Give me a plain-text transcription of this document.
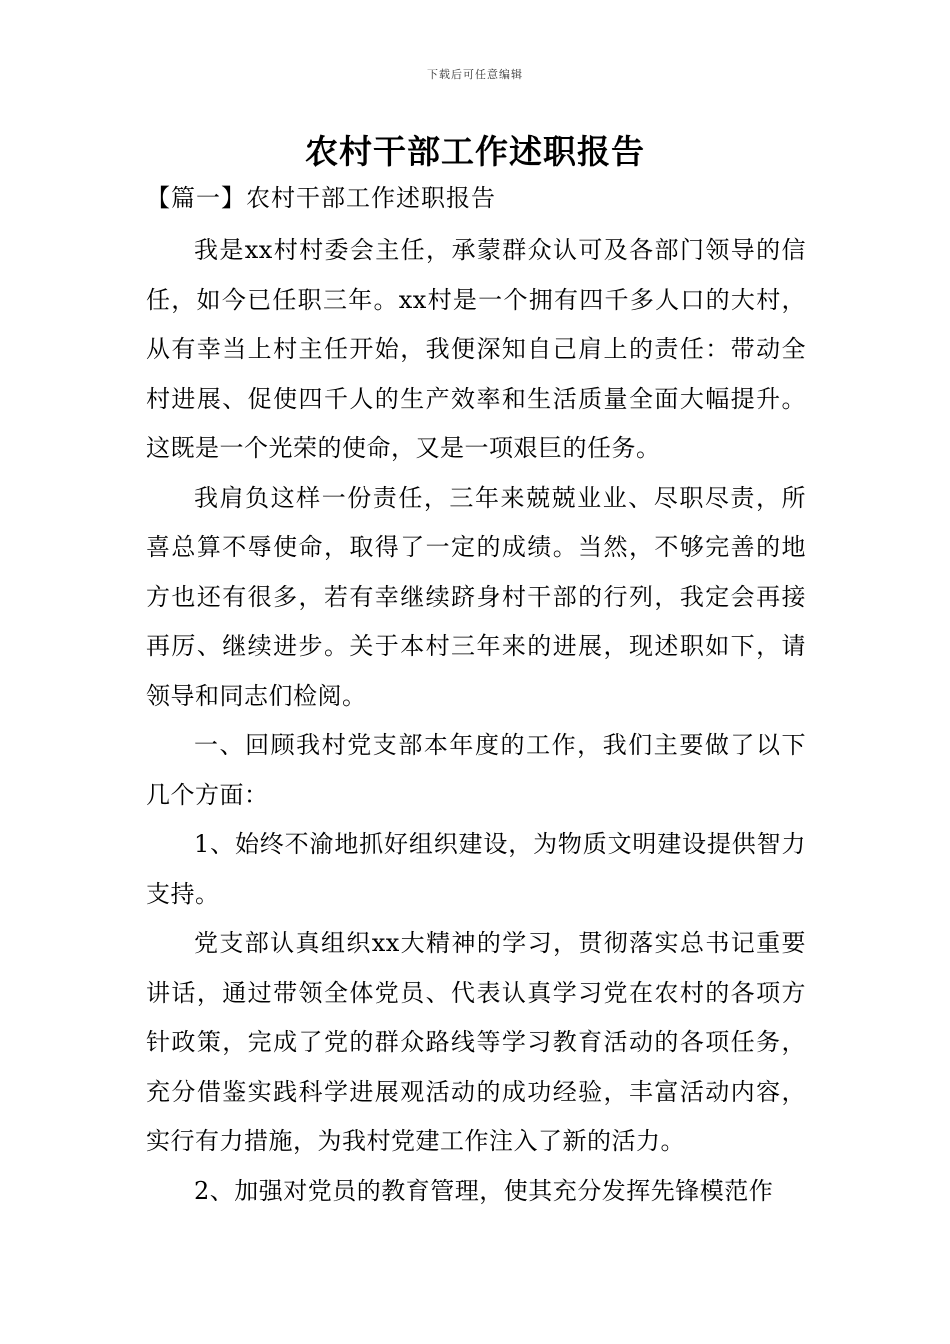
下载后可任意编辑
农村干部工作述职报告
【篇一】农村干部工作述职报告

我是xx村村委会主任，承蒙群众认可及各部门领导的信任，如今已任职三年。xx村是一个拥有四千多人口的大村，从有幸当上村主任开始，我便深知自己肩上的责任：带动全村进展、促使四千人的生产效率和生活质量全面大幅提升。这既是一个光荣的使命，又是一项艰巨的任务。

我肩负这样一份责任，三年来兢兢业业、尽职尽责，所喜总算不辱使命，取得了一定的成绩。当然，不够完善的地方也还有很多，若有幸继续跻身村干部的行列，我定会再接再厉、继续进步。关于本村三年来的进展，现述职如下，请领导和同志们检阅。

一、回顾我村党支部本年度的工作，我们主要做了以下几个方面：

1、始终不渝地抓好组织建设，为物质文明建设提供智力支持。

党支部认真组织xx大精神的学习，贯彻落实总书记重要讲话，通过带领全体党员、代表认真学习党在农村的各项方针政策，完成了党的群众路线等学习教育活动的各项任务，充分借鉴实践科学进展观活动的成功经验，丰富活动内容，实行有力措施，为我村党建工作注入了新的活力。

2、加强对党员的教育管理，使其充分发挥先锋模范作
